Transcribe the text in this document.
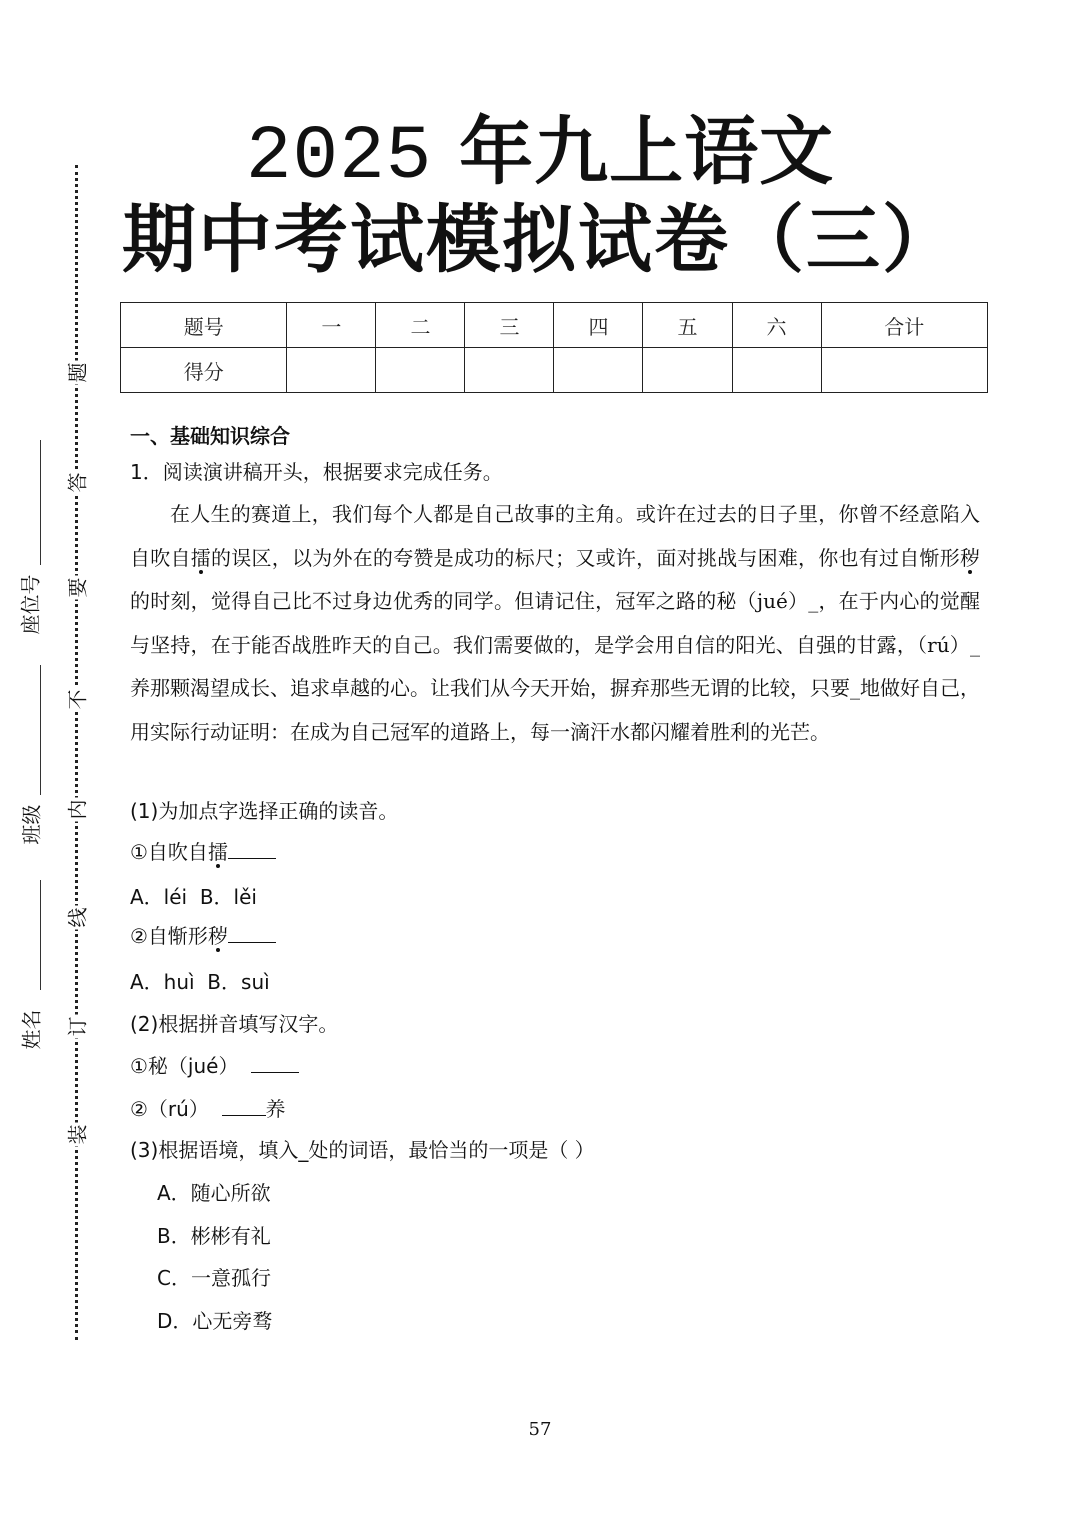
2025 年九上语文
期中考试模拟试卷（三）
题号	一	二	三	四	五	六	合计
得分							
题
答
要
不
内
线
订
装
座位号
班级
姓名
一、基础知识综合
1．阅读演讲稿开头，根据要求完成任务。
在人生的赛道上，我们每个人都是自己故事的主角。或许在过去的日子里，你曾不经意陷入自吹自擂的误区，以为外在的夸赞是成功的标尺；又或许，面对挑战与困难，你也有过自惭形秽的时刻，觉得自己比不过身边优秀的同学。但请记住，冠军之路的秘（jué）_，在于内心的觉醒与坚持，在于能否战胜昨天的自己。我们需要做的，是学会用自信的阳光、自强的甘露，（rú）_养那颗渴望成长、追求卓越的心。让我们从今天开始，摒弃那些无谓的比较，只要_地做好自己，用实际行动证明：在成为自己冠军的道路上，每一滴汗水都闪耀着胜利的光芒。
(1)为加点字选择正确的读音。
①自吹自擂
A．léi  B．lěi
②自惭形秽
A．huì  B．suì
(2)根据拼音填写汉字。
①秘（jué）
②（rú）	养
(3)根据语境，填入_处的词语，最恰当的一项是（ ）
A．随心所欲
B．彬彬有礼
C．一意孤行
D．心无旁骛
57
